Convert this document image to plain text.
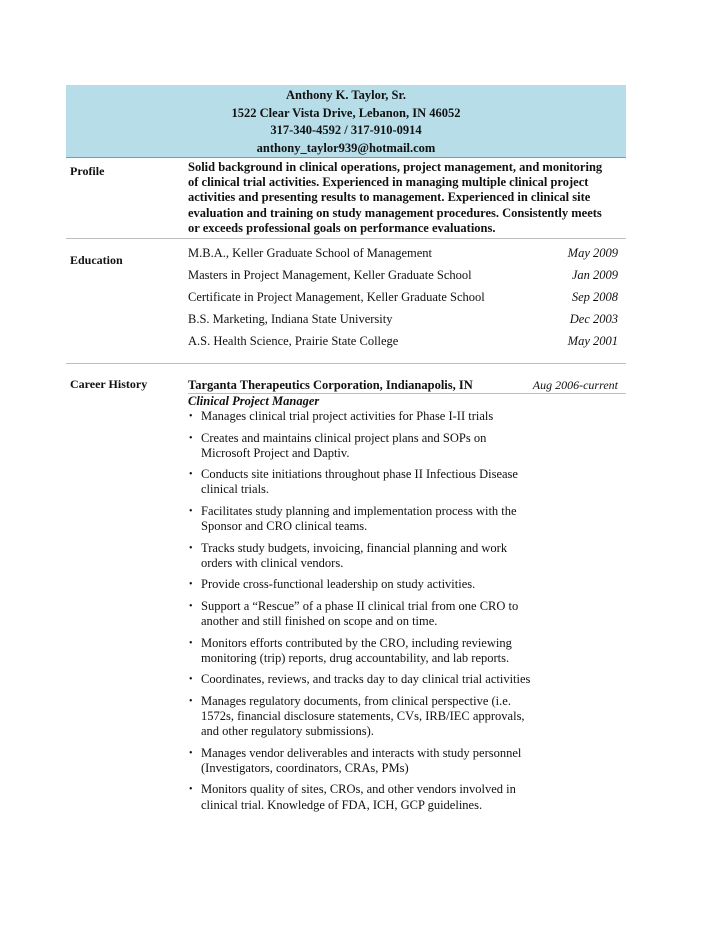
Anthony K. Taylor, Sr.
1522 Clear Vista Drive, Lebanon, IN 46052
317-340-4592 / 317-910-0914
anthony_taylor939@hotmail.com
Profile	Solid background in clinical operations, project management, and monitoring
of clinical trial activities. Experienced in managing multiple clinical project
activities and presenting results to management. Experienced in clinical site
evaluation and training on study management procedures. Consistently meets
or exceeds professional goals on performance evaluations.
Education	M.B.A., Keller Graduate School of Management	May 2009
Masters in Project Management, Keller Graduate School	Jan 2009
Certificate in Project Management, Keller Graduate School	Sep 2008
B.S. Marketing, Indiana State University	Dec 2003
A.S. Health Science, Prairie State College	May 2001
Career History	Targanta Therapeutics Corporation, Indianapolis, IN	Aug 2006-current
Clinical Project Manager
• Manages clinical trial project activities for Phase I-II trials
• Creates and maintains clinical project plans and SOPs on Microsoft Project and Daptiv.
• Conducts site initiations throughout phase II Infectious Disease clinical trials.
• Facilitates study planning and implementation process with the Sponsor and CRO clinical teams.
• Tracks study budgets, invoicing, financial planning and work orders with clinical vendors.
• Provide cross-functional leadership on study activities.
• Support a “Rescue” of a phase II clinical trial from one CRO to another and still finished on scope and on time.
• Monitors efforts contributed by the CRO, including reviewing monitoring (trip) reports, drug accountability, and lab reports.
• Coordinates, reviews, and tracks day to day clinical trial activities
• Manages regulatory documents, from clinical perspective (i.e. 1572s, financial disclosure statements, CVs, IRB/IEC approvals, and other regulatory submissions).
• Manages vendor deliverables and interacts with study personnel (Investigators, coordinators, CRAs, PMs)
• Monitors quality of sites, CROs, and other vendors involved in clinical trial. Knowledge of FDA, ICH, GCP guidelines.
